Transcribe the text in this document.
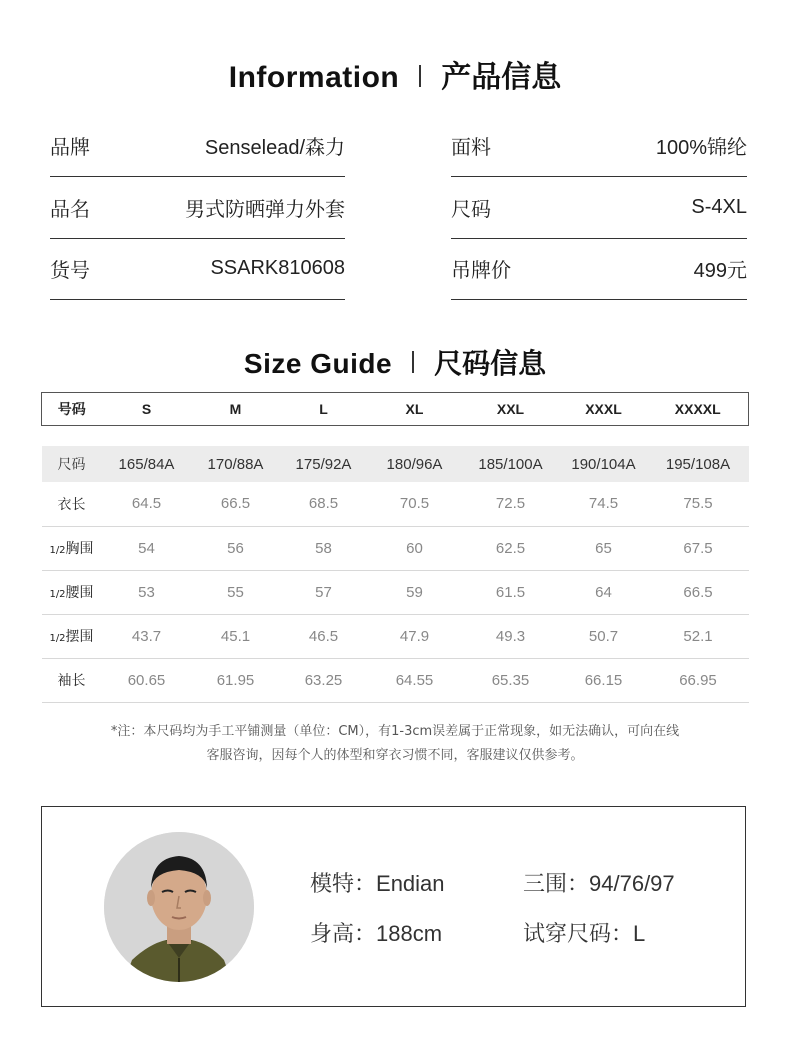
Information 产品信息
品牌	Senselead/森力
品名	男式防晒弹力外套
货号	SSARK810608
面料	100%锦纶
尺码	S-4XL
吊牌价	499元
Size Guide 尺码信息
号码	S	M	L	XL	XXL	XXXL	XXXXL

尺码	165/84A	170/88A	175/92A	180/96A	185/100A	190/104A	195/108A
衣长	64.5	66.5	68.5	70.5	72.5	74.5	75.5
1/2胸围	54	56	58	60	62.5	65	67.5
1/2腰围	53	55	57	59	61.5	64	66.5
1/2摆围	43.7	45.1	46.5	47.9	49.3	50.7	52.1
袖长	60.65	61.95	63.25	64.55	65.35	66.15	66.95
*注：本尺码均为手工平铺测量（单位：CM），有1-3cm误差属于正常现象，如无法确认，可向在线
客服咨询，因每个人的体型和穿衣习惯不同，客服建议仅供参考。
模特：Endian	三围：94/76/97
身高：188cm	试穿尺码：L
